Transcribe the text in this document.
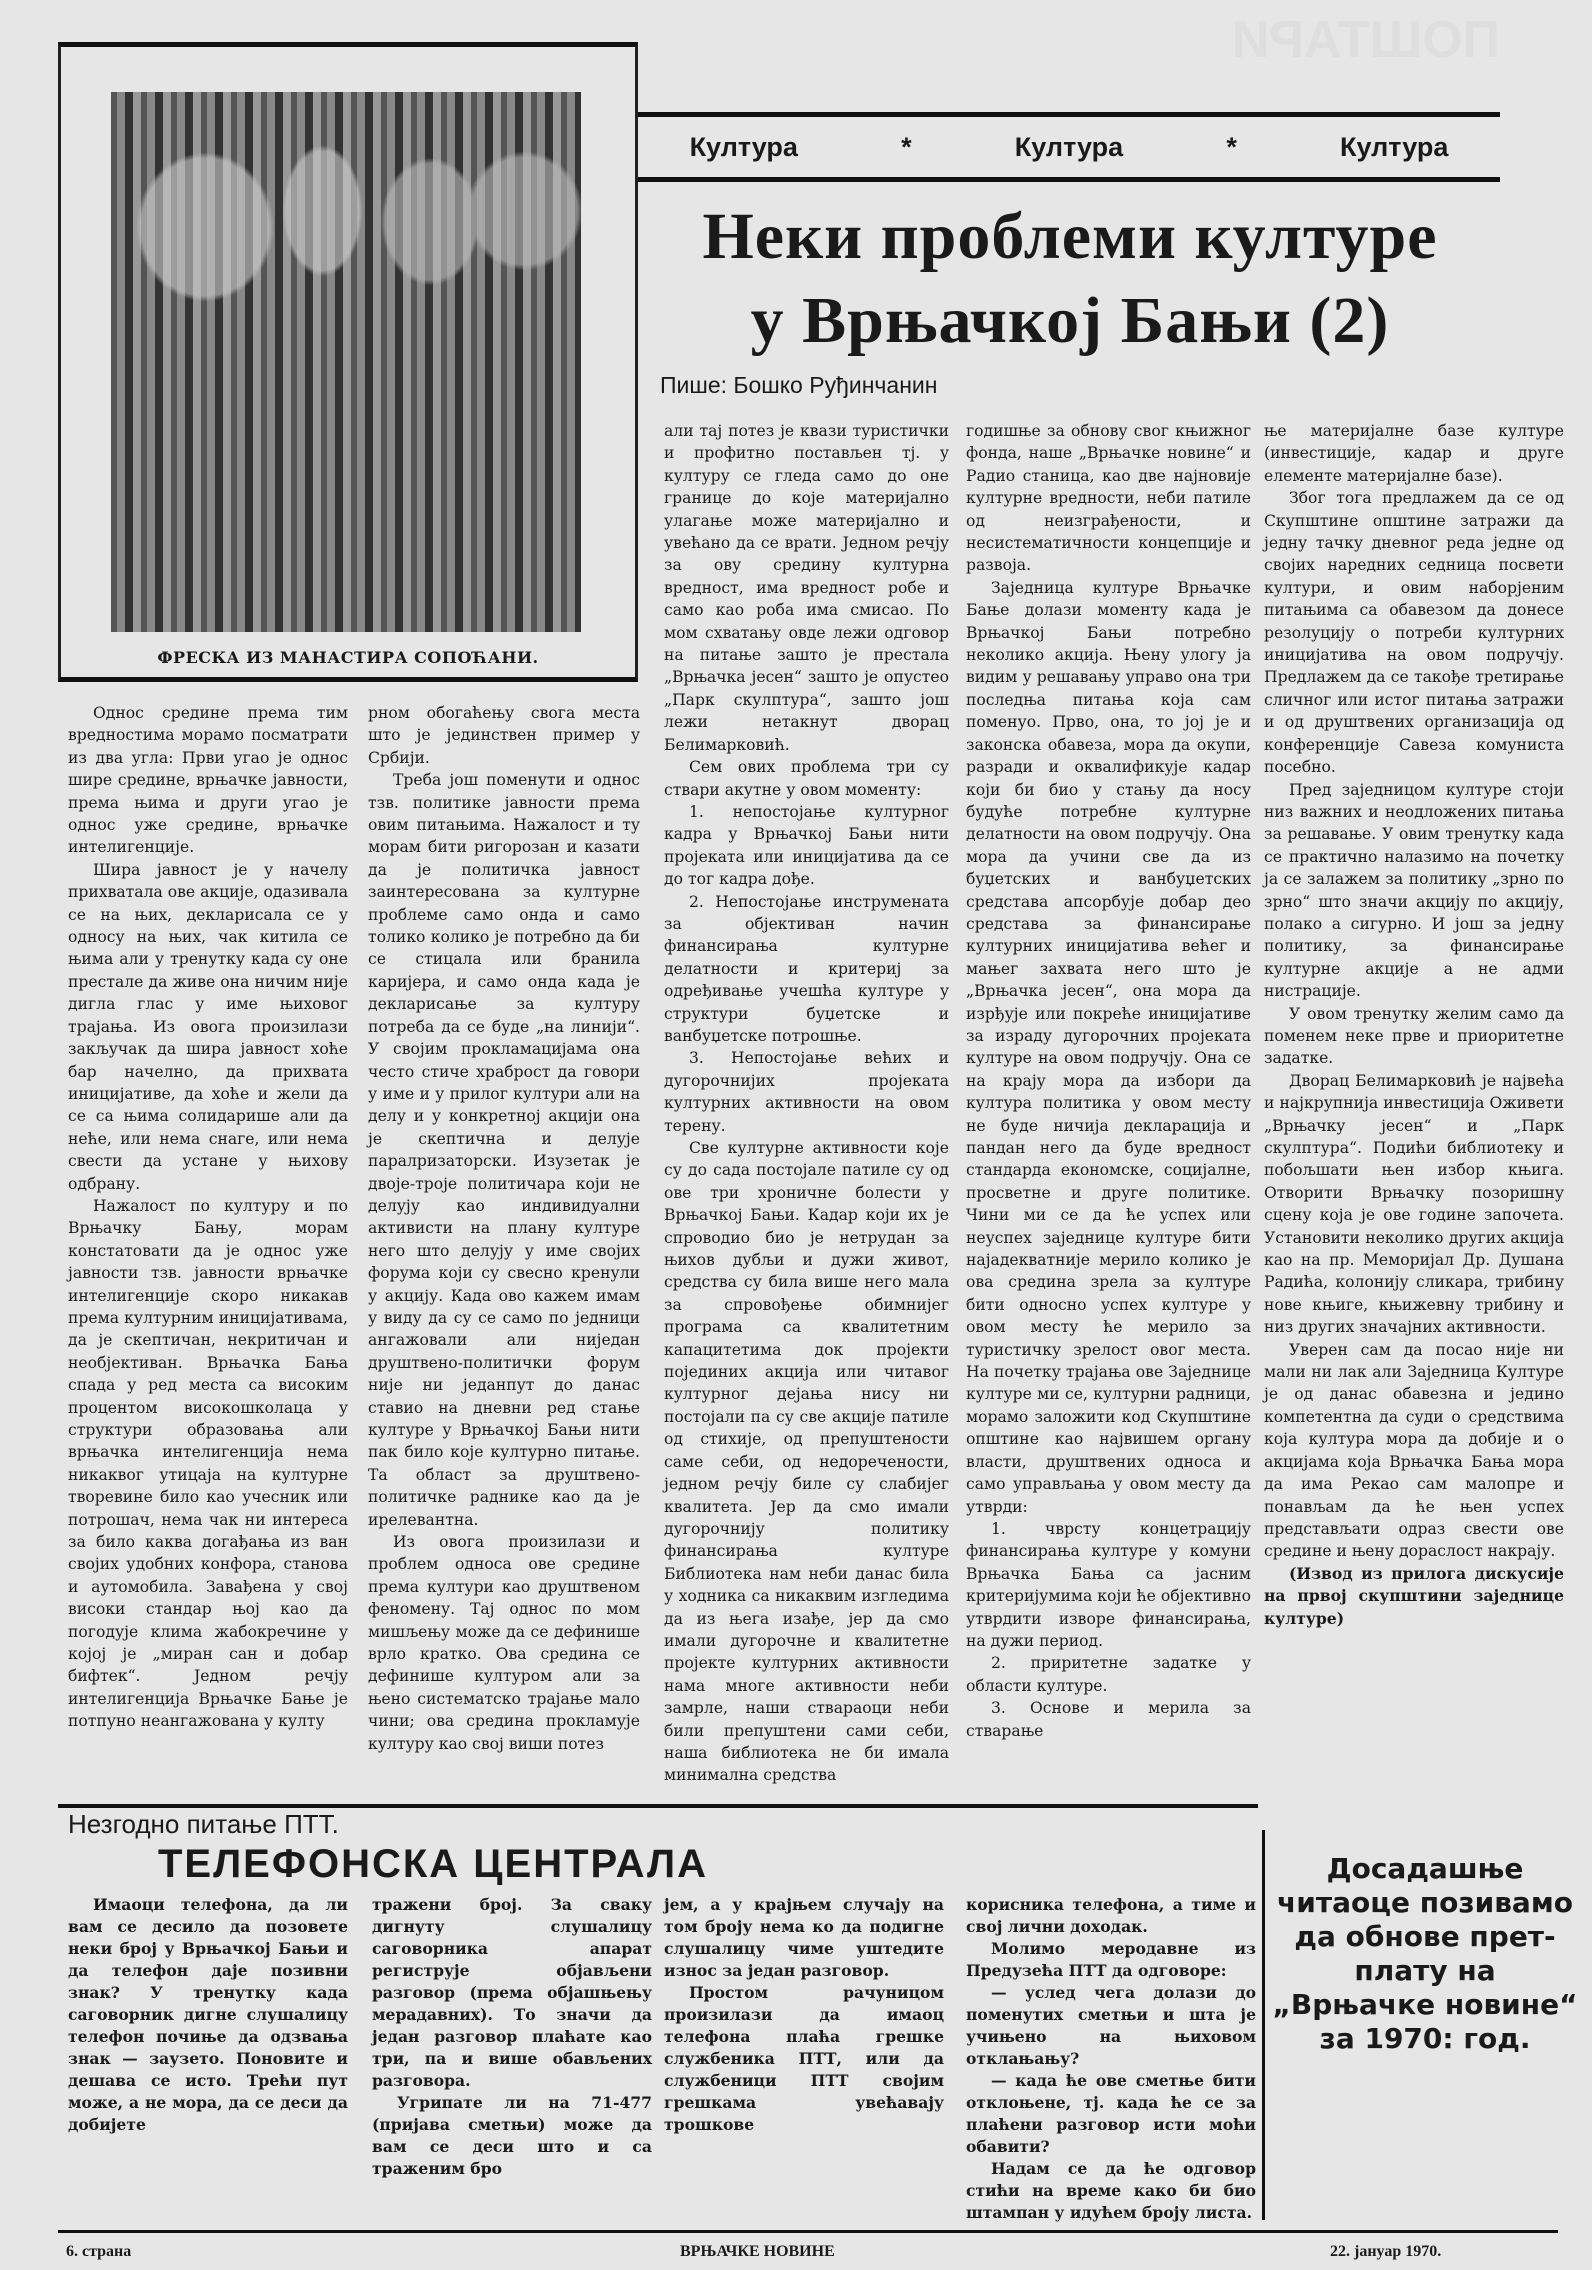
ПОШТАРИ
ФРЕСКА ИЗ МАНАСТИРА СОПОЋАНИ.
Култура	*	Култура	*	Култура
Неки проблеми културе
у Врњачкој Бањи (2)
Пише: Бошко Руђинчанин

Однос средине према тим вредностима морамо посматрати из два угла: Први угао је однос шире средине, врњачке јавности, према њима и други угао је однос уже средине, врњачке интелигенције.

Шира јавност је у начелу прихватала ове акције, одазивала се на њих, декларисала се у односу на њих, чак китила се њима али у тренутку када су оне престале да живе она ничим није дигла глас у име њиховог трајања. Из овога произилази закључак да шира јавност хоће бар начелно, да прихвата иницијативе, да хоће и жели да се са њима солидарише али да неће, или нема снаге, или нема свести да устане у њихову одбрану.

Нажалост по културу и по Врњачку Бању, морам констатовати да је однос уже јавности тзв. јавности врњачке интелигенције скоро никакав према културним иницијативама, да је скептичан, некритичан и необјективан. Врњачка Бања спада у ред места са високим процентом високошколаца у структури образовања али врњачка интелигенција нема никаквог утицаја на културне творевине било као учесник или потрошач, нема чак ни интереса за било каква догађања из ван својих удобних конфора, станова и аутомобила. Завађена у свој високи стандар њој као да погодује клима жабокречине у којој је „миран сан и добар бифтек“. Једном речју интелигенција Врњачке Бање је потпуно неангажована у култу

рном обогаћењу свога места што је јединствен пример у Србији.

Треба још поменути и однос тзв. политике јавности према овим питањима. Нажалост и ту морам бити ригорозан и казати да је политичка јавност заинтересована за културне проблеме само онда и само толико колико је потребно да би се стицала или бранила каријера, и само онда када је декларисање за културу потреба да се буде „на линији“. У својим прокламацијама она често стиче храброст да говори у име и у прилог култури али на делу и у конкретној акцији она је скептична и делује паралризаторски. Изузетак је двоје-троје политичара који не делују као индивидуални активисти на плану културе него што делују у име својих форума који су свесно кренули у акцију. Када ово кажем имам у виду да су се само по једници ангажовали али ниједан друштвено-политички форум није ни једанпут до данас ставио на дневни ред стање културе у Врњачкој Бањи нити пак било које културно питање. Та област за друштвено-политичке раднике као да је ирелевантна.

Из овога произилази и проблем односа ове средине према култури као друштвеном феномену. Тај однос по мом мишљењу може да се дефинише врло кратко. Ова средина се дефинише културом али за њено систематско трајање мало чини; ова средина прокламује културу као свој виши потез

али тај потез је квази туристички и профитно постављен тј. у културу се гледа само до оне границе до које материјално улагање може материјално и увећано да се врати. Једном речју за ову средину културна вредност, има вредност робе и само као роба има смисао. По мом схватању овде лежи одговор на питање зашто је престала „Врњачка јесен“ зашто је опустео „Парк скулптура“, зашто још лежи нетакнут дворац Белимарковић.

Сем ових проблема три су ствари акутне у овом моменту:

1. непостојање културног кадра у Врњачкој Бањи нити пројеката или иницијатива да се до тог кадра дође.

2. Непостојање инструмената за објективан начин финансирања културне делатности и критериј за одређивање учешћа културе у структури буџетске и ванбуџетске потрошње.

3. Непостојање већих и дугорочнијих пројеката културних активности на овом терену.

Све културне активности које су до сада постојале патиле су од ове три хроничне болести у Врњачкој Бањи. Кадар који их је спроводио био је нетрудан за њихов дубљи и дужи живот, средства су била више него мала за спровођење обимнијег програма са квалитетним капацитетима док пројекти појединих акција или читавог културног дејања нису ни постојали па су све акције патиле од стихије, од препуштености саме себи, од недоречености, једном речју биле су слабијег квалитета. Јер да смо имали дугорочнију политику финансирања културе Библиотека нам неби данас била у ходника са никаквим изгледима да из њега изађе, јер да смо имали дугорочне и квалитетне пројекте културних активности нама многе активности неби замрле, наши ствараоци неби били препуштени сами себи, наша библиотека не би имала минимална средства

годишње за обнову свог књижног фонда, наше „Врњачке новине“ и Радио станица, као две најновије културне вредности, неби патиле од неизграђености, и несистематичности концепције и развоја.

Заједница културе Врњачке Бање долази моменту када је Врњачкој Бањи потребно неколико акција. Њену улогу ја видим у решавању управо она три последња питања која сам поменуо. Прво, она, то јој је и законска обавеза, мора да окупи, разради и оквалификује кадар који би био у стању да носу будуће потребне културне делатности на овом подручју. Она мора да учини све да из буџетских и ванбуџетских средстава апсорбује добар део средстава за финансирање културних иницијатива већег и мањег захвата него што је „Врњачка јесен“, она мора да изрђује или покреће иницијативе за израду дугорочних пројеката културе на овом подручју. Она се на крају мора да избори да култура политика у овом месту не буде ничија декларација и пандан него да буде вредност стандарда економске, социјалне, просветне и друге политике. Чини ми се да ће успех или неуспех заједнице културе бити најадекватније мерило колико је ова средина зрела за културе бити односно успех културе у овом месту ће мерило за туристичку зрелост овог места. На почетку трајања ове Заједнице културе ми се, културни радници, морамо заложити код Скупштине општине као највишем органу власти, друштвених односа и само управљања у овом месту да утврди:

1. чврсту концетрацију финансирања културе у комуни Врњачка Бања са јасним критеријумима који ће објективно утврдити изворе финансирања, на дужи период.

2. приритетне задатке у области културе.

3. Основе и мерила за стварање

ње материјалне базе културе (инвестиције, кадар и друге елементе материјалне базе).

Због тога предлажем да се од Скупштине општине затражи да једну тачку дневног реда једне од својих наредних седница посвети култури, и овим наборјеним питањима са обавезом да донесе резолуцију о потреби културних иницијатива на овом подручју. Предлажем да се такође третирање сличног или истог питања затражи и од друштвених организација од конференције Савеза комуниста посебно.

Пред заједницом културе стоји низ важних и неодложених питања за решавање. У овим тренутку када се практично налазимо на почетку ја се залажем за политику „зрно по зрно“ што значи акцију по акцију, полако а сигурно. И још за једну политику, за финансирање културне акције а не адми нистрације.

У овом тренутку желим само да поменем неке прве и приоритетне задатке.

Дворац Белимарковић је највећа и најкрупнија инвестиција Оживети „Врњачку јесен“ и „Парк скулптура“. Подићи библиотеку и побољшати њен избор књига. Отворити Врњачку позоришну сцену која је ове године започета. Установити неколико других акција као на пр. Меморијал Др. Душана Радића, колонију сликара, трибину нове књиге, књижевну трибину и низ других значајних активности.

Уверен сам да посао није ни мали ни лак али Заједница Културе је од данас обавезна и једино компетентна да суди о средствима која култура мора да добије и о акцијама која Врњачка Бања мора да има Рекао сам малопре и понављам да ће њен успех представљати одраз свести ове средине и њену дораслост накрају.

(Извод из прилога дискусије на првој скупштини заједнице културе)

Незгодно питање ПТТ.
ТЕЛЕФОНСКА ЦЕНТРАЛА

Имаоци телефона, да ли вам се десило да позовете неки број у Врњачкој Бањи и да телефон даје позивни знак? У тренутку када саговорник дигне слушалицу телефон почиње да одзвања знак — заузето. Поновите и дешава се исто. Трећи пут може, а не мора, да се деси да добијете

тражени број. За сваку дигнуту слушалицу саговорника апарат региструје објављени разговор (према објашњењу мерадавних). То значи да један разговор плаћате као три, па и више обављених разговора.

Угрипате ли на 71-477 (пријава сметњи) може да вам се деси што и са траженим бро

јем, а у крајњем случају на том броју нема ко да подигне слушалицу чиме уштедите износ за један разговор.

Простом рачуницом произилази да имаоц телефона плаћа грешке службеника ПТТ, или да службеници ПТТ својим грешкама увећавају трошкове

корисника телефона, а тиме и свој лични доходак.

Молимо меродавне из Предузећа ПТТ да одговоре:

— услед чега долази до поменутих сметњи и шта је учињено на њиховом отклањању?

— када ће ове сметње бити отклоњене, тј. када ће се за плаћени разговор исти моћи обавити?

Надам се да ће одговор стићи на време како би био штампан у идућем броју листа.

Досадашње
читаоце позивамо
да обнове прет-
плату на
„Врњачке новине“
за 1970: год.
6. страна	ВРЊАЧКЕ НОВИНЕ	22. јануар 1970.
